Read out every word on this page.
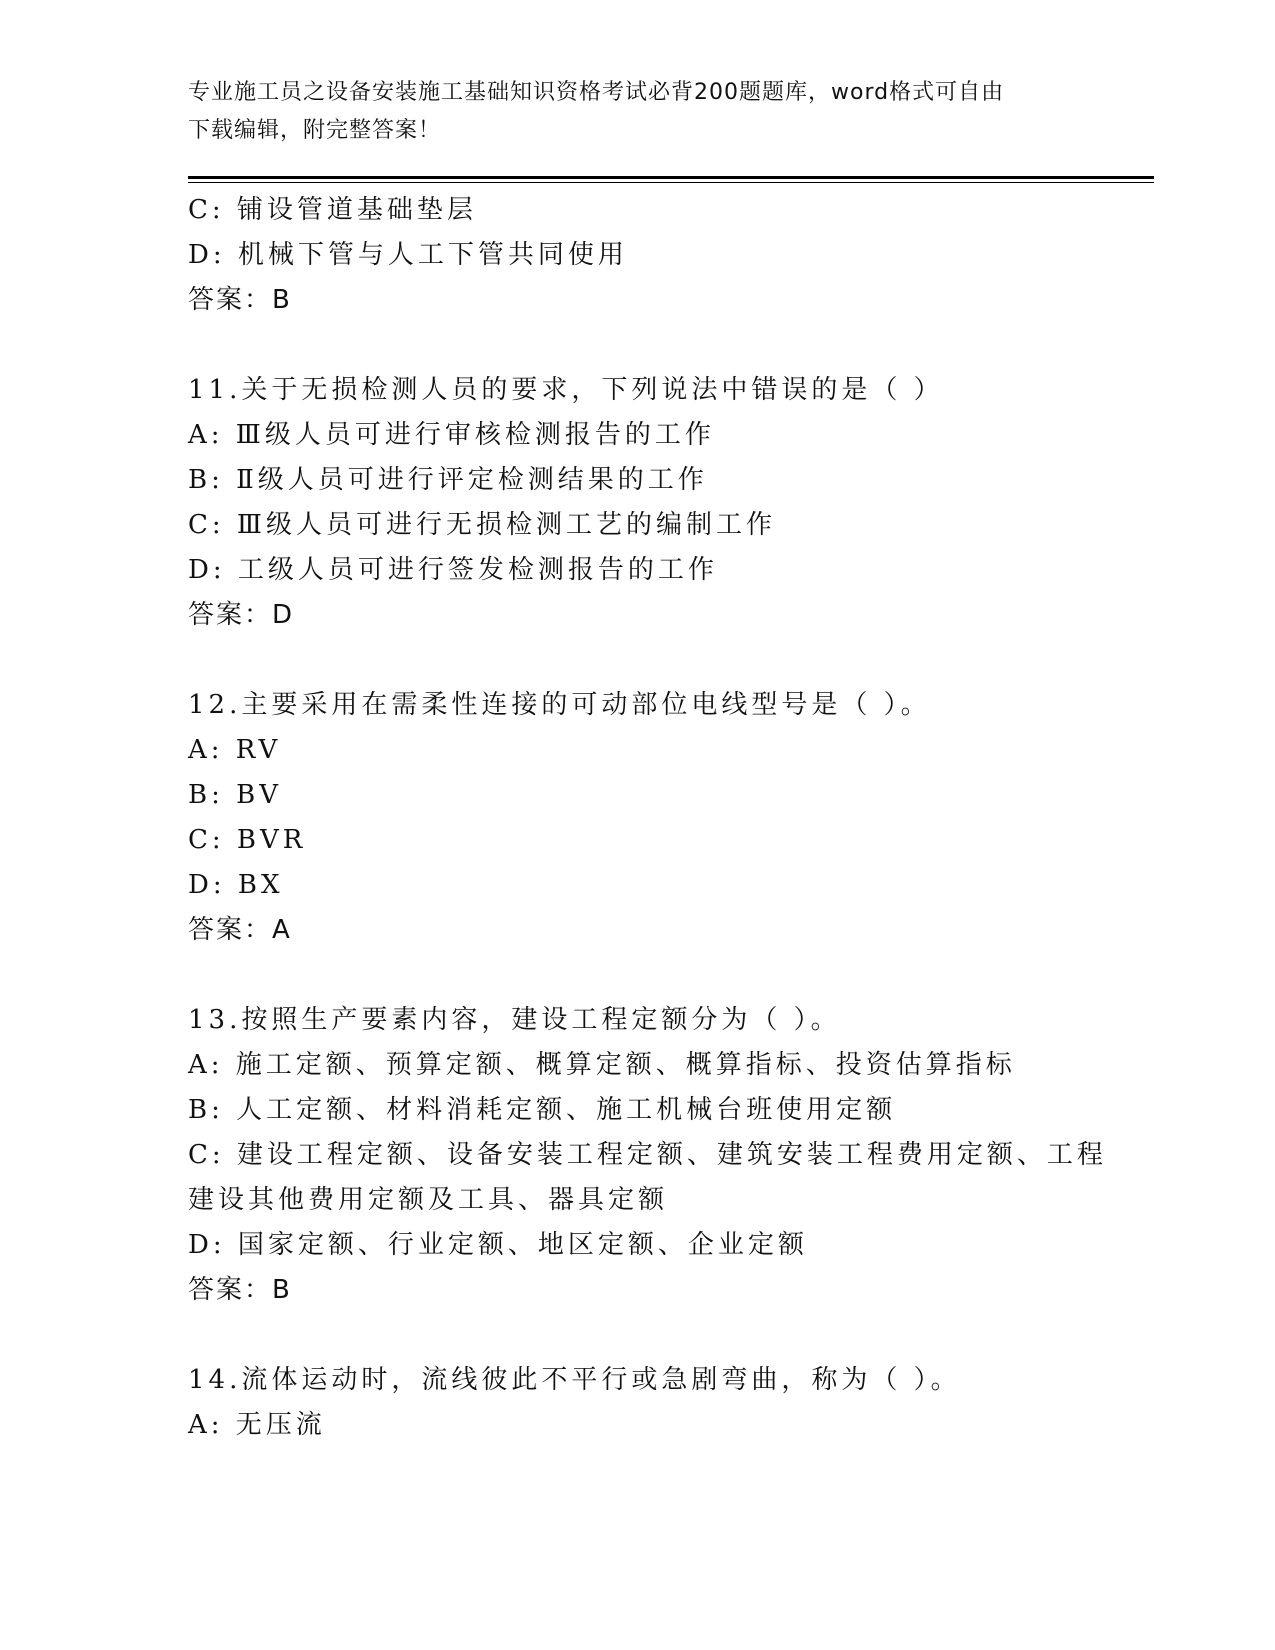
专业施工员之设备安装施工基础知识资格考试必背200题题库，word格式可自由
下载编辑，附完整答案！
C: 铺设管道基础垫层
D: 机械下管与人工下管共同使用
答案：B
11.关于无损检测人员的要求，下列说法中错误的是（ ）
A: Ⅲ级人员可进行审核检测报告的工作
B: Ⅱ级人员可进行评定检测结果的工作
C: Ⅲ级人员可进行无损检测工艺的编制工作
D: 工级人员可进行签发检测报告的工作
答案：D
12.主要采用在需柔性连接的可动部位电线型号是（ ）。
A: RV
B: BV
C: BVR
D: BX
答案：A
13.按照生产要素内容，建设工程定额分为（ ）。
A: 施工定额、预算定额、概算定额、概算指标、投资估算指标
B: 人工定额、材料消耗定额、施工机械台班使用定额
C: 建设工程定额、设备安装工程定额、建筑安装工程费用定额、工程
建设其他费用定额及工具、器具定额
D: 国家定额、行业定额、地区定额、企业定额
答案：B
14.流体运动时，流线彼此不平行或急剧弯曲，称为（ ）。
A: 无压流
